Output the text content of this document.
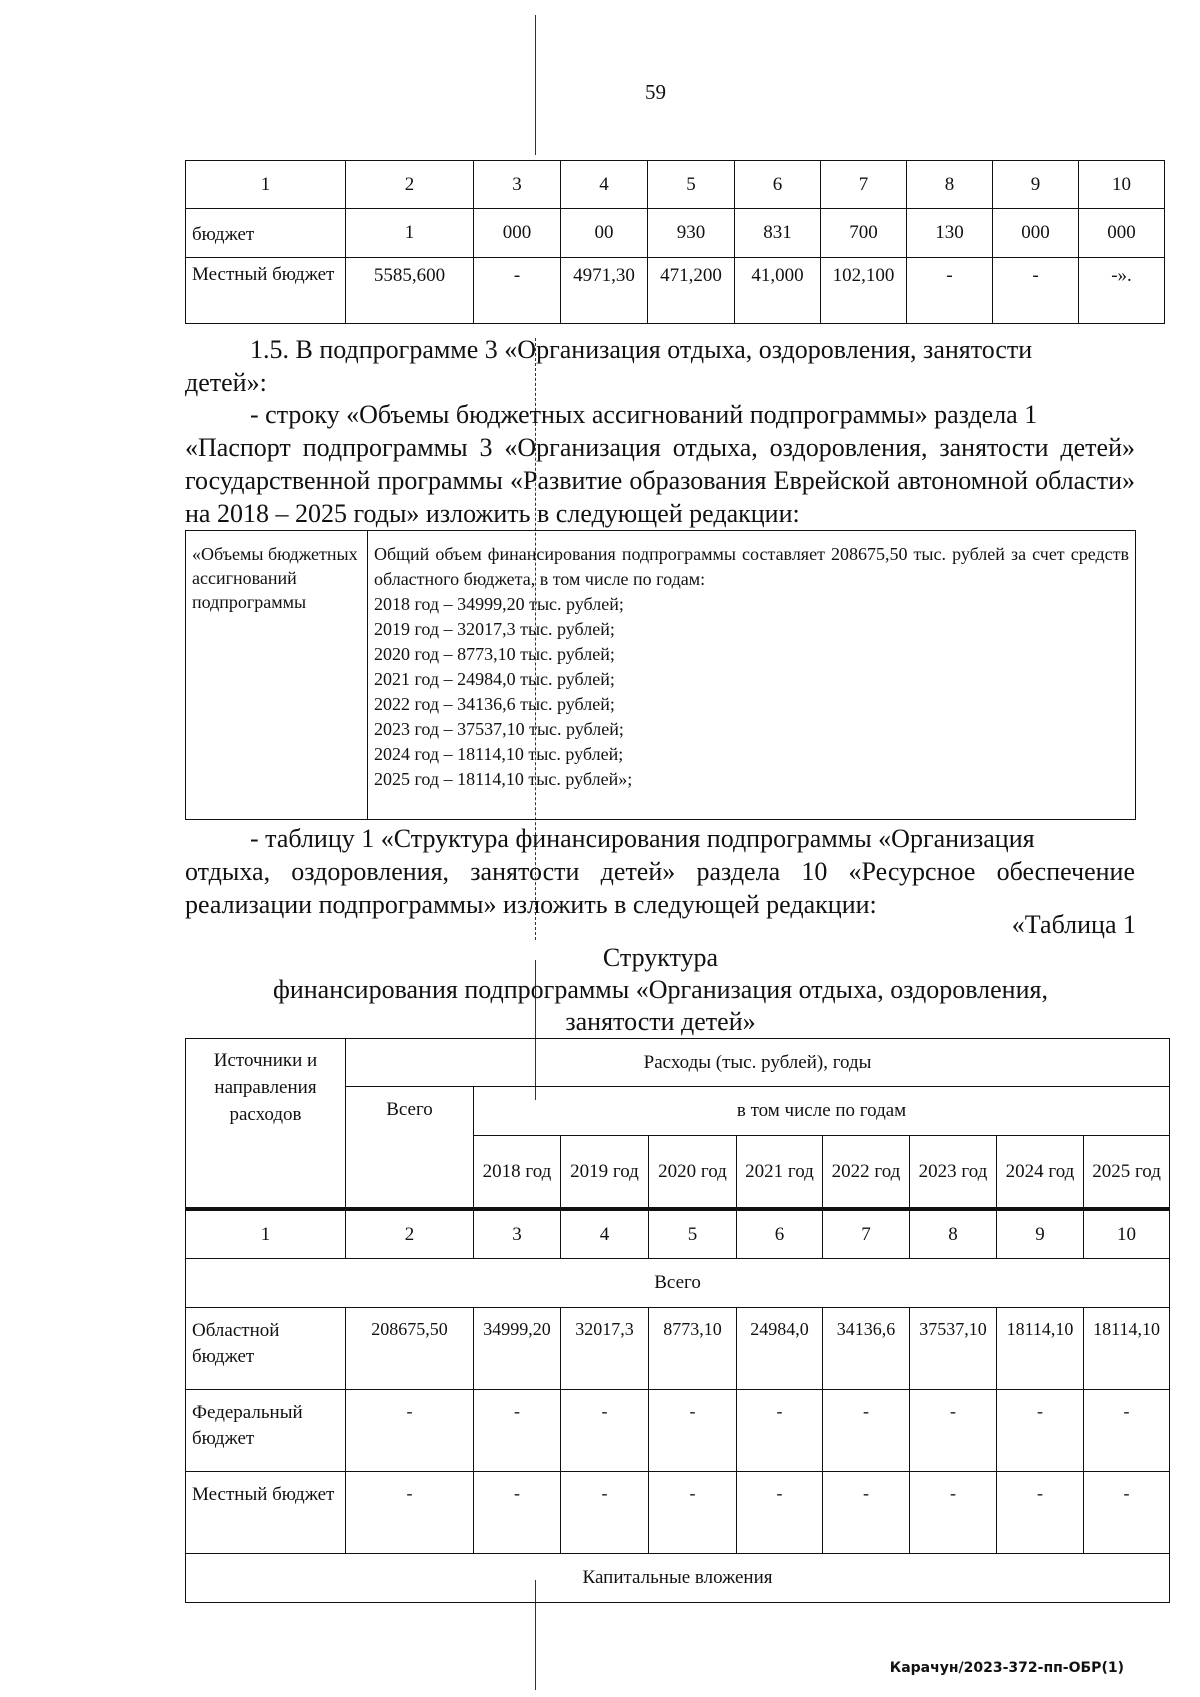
59
1	2	3	4	5	6	7	8	9	10
бюджет	1	000	00	930	831	700	130	000	000
Местный бюджет	5585,600	-	4971,30	471,200	41,000	102,100	-	-	-».
1.5. В подпрограмме 3 «Организация отдыха, оздоровления, занятости
детей»:
- строку «Объемы бюджетных ассигнований подпрограммы» раздела 1
«Паспорт подпрограммы 3 «Организация отдыха, оздоровления, занятости детей» государственной программы «Развитие образования Еврейской автономной области» на 2018 – 2025 годы» изложить в следующей редакции:
«Объемы бюджетных ассигнований подпрограммы	Общий объем финансирования подпрограммы составляет 208675,50 тыс. рублей за счет средств областного бюджета, в том числе по годам:
2018 год – 34999,20 тыс. рублей;
2019 год – 32017,3 тыс. рублей;
2020 год – 8773,10 тыс. рублей;
2021 год – 24984,0 тыс. рублей;
2022 год – 34136,6 тыс. рублей;
2023 год – 37537,10 тыс. рублей;
2024 год – 18114,10 тыс. рублей;
2025 год – 18114,10 тыс. рублей»;
- таблицу 1 «Структура финансирования подпрограммы «Организация
отдыха, оздоровления, занятости детей» раздела 10 «Ресурсное обеспечение реализации подпрограммы» изложить в следующей редакции:
«Таблица 1
Структура
финансирования подпрограммы «Организация отдыха, оздоровления,
занятости детей»
Источники и направления расходов	Расходы (тыс. рублей), годы								
	Всего	в том числе по годам							
		2018 год	2019 год	2020 год	2021 год	2022 год	2023 год	2024 год	2025 год
1	2	3	4	5	6	7	8	9	10
Всего									
Областной бюджет	208675,50	34999,20	32017,3	8773,10	24984,0	34136,6	37537,10	18114,10	18114,10
Федеральный бюджет	-	-	-	-	-	-	-	-	-
Местный бюджет	-	-	-	-	-	-	-	-	-
Капитальные вложения									
Карачун/2023-372-пп-ОБР(1)
